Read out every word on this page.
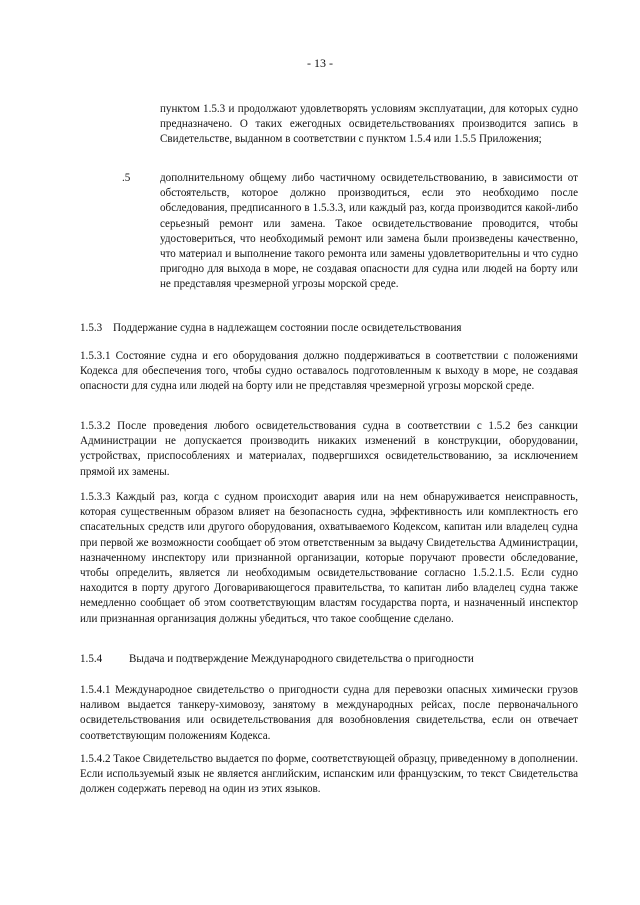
- 13 -

пунктом 1.5.3 и продолжают удовлетворять условиям эксплуатации, для которых судно предназначено. О таких ежегодных освидетельствованиях производится запись в Свидетельстве, выданном в соответствии с пунктом 1.5.4 или 1.5.5 Приложения;

.5	дополнительному общему либо частичному освидетельствованию, в зависимости от обстоятельств, которое должно производиться, если это необходимо после обследования, предписанного в 1.5.3.3, или каждый раз, когда производится какой-либо серьезный ремонт или замена. Такое освидетельствование проводится, чтобы удостовериться, что необходимый ремонт или замена были произведены качественно, что материал и выполнение такого ремонта или замены удовлетворительны и что судно пригодно для выхода в море, не создавая опасности для судна или людей на борту или не представляя чрезмерной угрозы морской среде.

1.5.3 Поддержание судна в надлежащем состоянии после освидетельствования

1.5.3.1 Состояние судна и его оборудования должно поддерживаться в соответствии с положениями Кодекса для обеспечения того, чтобы судно оставалось подготовленным к выходу в море, не создавая опасности для судна или людей на борту или не представляя чрезмерной угрозы морской среде.

1.5.3.2 После проведения любого освидетельствования судна в соответствии с 1.5.2 без санкции Администрации не допускается производить никаких изменений в конструкции, оборудовании, устройствах, приспособлениях и материалах, подвергшихся освидетельствованию, за исключением прямой их замены.

1.5.3.3 Каждый раз, когда с судном происходит авария или на нем обнаруживается неисправность, которая существенным образом влияет на безопасность судна, эффективность или комплектность его спасательных средств или другого оборудования, охватываемого Кодексом, капитан или владелец судна при первой же возможности сообщает об этом ответственным за выдачу Свидетельства Администрации, назначенному инспектору или признанной организации, которые поручают провести обследование, чтобы определить, является ли необходимым освидетельствование согласно 1.5.2.1.5. Если судно находится в порту другого Договаривающегося правительства, то капитан либо владелец судна также немедленно сообщает об этом соответствующим властям государства порта, и назначенный инспектор или признанная организация должны убедиться, что такое сообщение сделано.

1.5.4 Выдача и подтверждение Международного свидетельства о пригодности

1.5.4.1 Международное свидетельство о пригодности судна для перевозки опасных химически грузов наливом выдается танкеру-химовозу, занятому в международных рейсах, после первоначального освидетельствования или освидетельствования для возобновления свидетельства, если он отвечает соответствующим положениям Кодекса.

1.5.4.2 Такое Свидетельство выдается по форме, соответствующей образцу, приведенному в дополнении. Если используемый язык не является английским, испанским или французским, то текст Свидетельства должен содержать перевод на один из этих языков.
